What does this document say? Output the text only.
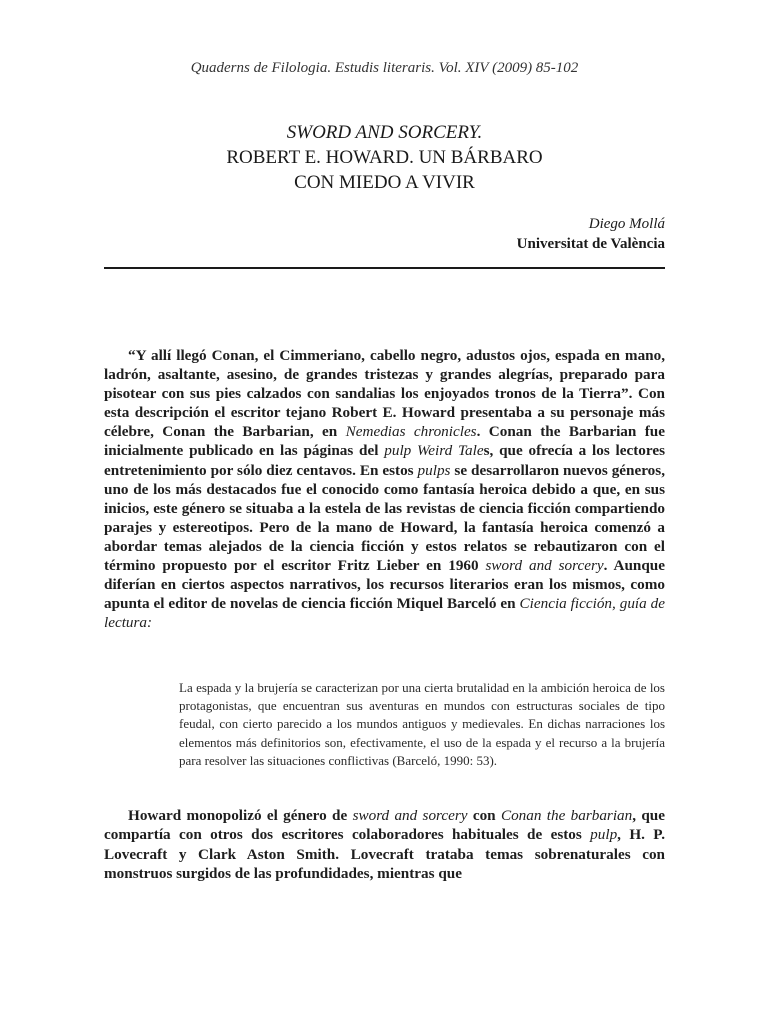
Quaderns de Filologia. Estudis literaris. Vol. XIV (2009) 85-102
SWORD AND SORCERY.
ROBERT E. HOWARD. UN BÁRBARO
CON MIEDO A VIVIR
Diego Mollá
Universitat de València

“Y allí llegó Conan, el Cimmeriano, cabello negro, adustos ojos, espada en mano, ladrón, asaltante, asesino, de grandes tristezas y grandes alegrías, preparado para pisotear con sus pies calzados con sandalias los enjoyados tronos de la Tierra”. Con esta descripción el escritor tejano Robert E. Howard presentaba a su personaje más célebre, Conan the Barbarian, en Nemedias chronicles. Conan the Barbarian fue inicialmente publicado en las páginas del pulp Weird Tales, que ofrecía a los lectores entretenimiento por sólo diez centavos. En estos pulps se desarrollaron nuevos géneros, uno de los más destacados fue el conocido como fantasía heroica debido a que, en sus inicios, este género se situaba a la estela de las revistas de ciencia ficción compartiendo parajes y estereotipos. Pero de la mano de Howard, la fantasía heroica comenzó a abordar temas alejados de la ciencia ficción y estos relatos se rebautizaron con el término propuesto por el escritor Fritz Lieber en 1960 sword and sorcery. Aunque diferían en ciertos aspectos narrativos, los recursos literarios eran los mismos, como apunta el editor de novelas de ciencia ficción Miquel Barceló en Ciencia ficción, guía de lectura:

La espada y la brujería se caracterizan por una cierta brutalidad en la ambición heroica de los protagonistas, que encuentran sus aventuras en mundos con estructuras sociales de tipo feudal, con cierto parecido a los mundos antiguos y medievales. En dichas narraciones los elementos más definitorios son, efectivamente, el uso de la espada y el recurso a la brujería para resolver las situaciones conflictivas (Barceló, 1990: 53).

Howard monopolizó el género de sword and sorcery con Conan the barbarian, que compartía con otros dos escritores colaboradores habituales de estos pulp, H. P. Lovecraft y Clark Aston Smith. Lovecraft trataba temas sobrenaturales con monstruos surgidos de las profundidades, mientras que
